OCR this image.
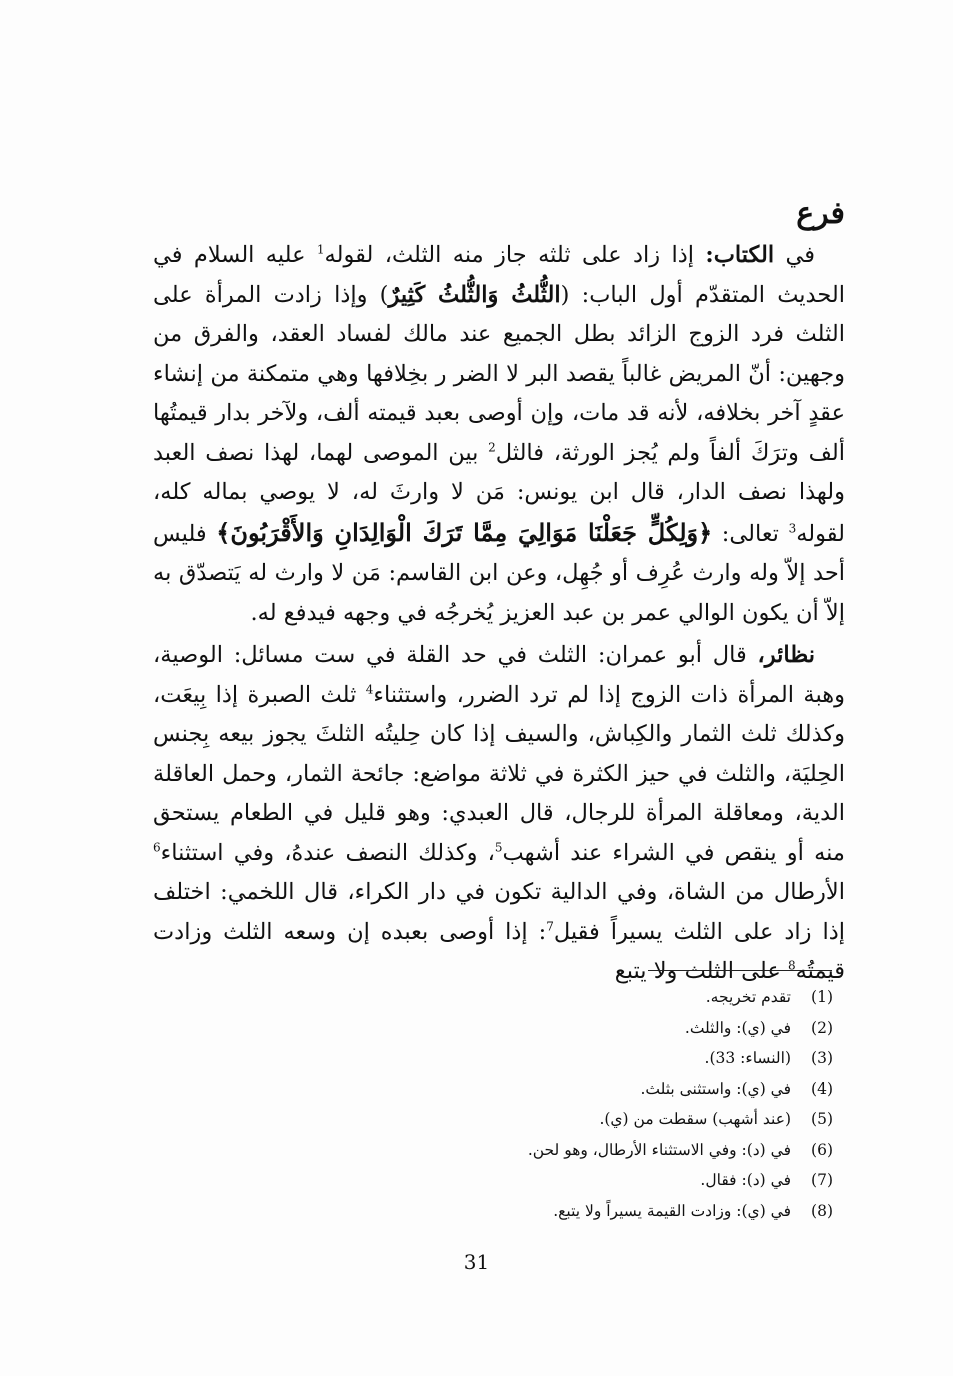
فرع

في الكتاب: إذا زاد على ثلثه جاز منه الثلث، لقوله$^1$ عليه السلام في الحديث المتقدّم أول الباب: (الثُّلثُ وَالثُّلثُ كَثِيرٌ) وإذا زادت المرأة على الثلث فرد الزوج الزائد بطل الجميع عند مالك لفساد العقد، والفرق من وجهين: أنّ المريض غالباً يقصد البر لا الضر ر بخِلافها وهي متمكنة من إنشاء عقدٍ آخر بخلافه، لأنه قد مات، وإن أوصى بعبد قيمته ألف، ولآخر بدار قيمتُها ألف وترَكَ ألفاً ولم يُجز الورثة، فالثل$^2$ بين الموصى لهما، لهذا نصف العبد ولهذا نصف الدار، قال ابن يونس: مَن لا وارثَ له، لا يوصي بماله كله، لقوله$^3$ تعالى: ﴿وَلِكُلٍّ جَعَلْنَا مَوَالِيَ مِمَّا تَرَكَ الْوَالِدَانِ وَالأَقْرَبُونَ﴾ فليس أحد إلاّ وله وارث عُرِف أو جُهِل، وعن ابن القاسم: مَن لا وارث له يَتصدّق به إلاّ أن يكون الوالي عمر بن عبد العزيز يُخرجُه في وجهه فيدفع له.

نظائر، قال أبو عمران: الثلث في حد القلة في ست مسائل: الوصية، وهبة المرأة ذات الزوج إذا لم ترد الضرر، واستثناء$^4$ ثلث الصبرة إذا بِيعَت، وكذلك ثلث الثمار والكِباش، والسيف إذا كان حِليتُه الثلثَ يجوز بيعه بِجنس الحِليَة، والثلث في حيز الكثرة في ثلاثة مواضع: جائحة الثمار، وحمل العاقلة الدية، ومعاقلة المرأة للرجال، قال العبدي: وهو قليل في الطعام يستحق منه أو ينقص في الشراء عند أشهب$^5$، وكذلك النصف عندهُ، وفي استثناء$^6$ الأرطال من الشاة، وفي الدالية تكون في دار الكراء، قال اللخمي: اختلف إذا زاد على الثلث يسيراً فقيل$^7$: إذا أوصى بعبده إن وسعه الثلث وزادت قيمتُه$^8$ على الثلث ولا يتبع

(1)
تقدم تخريجه.
(2)
في (ي): والثلث.
(3)
(النساء: 33).
(4)
في (ي): واستثنى بثلث.
(5)
(عند أشهب) سقطت من (ي).
(6)
في (د): وفي الاستثناء الأرطال، وهو لحن.
(7)
في (د): فقال.
(8)
في (ي): وزادت القيمة يسيراً ولا يتبع.
31
